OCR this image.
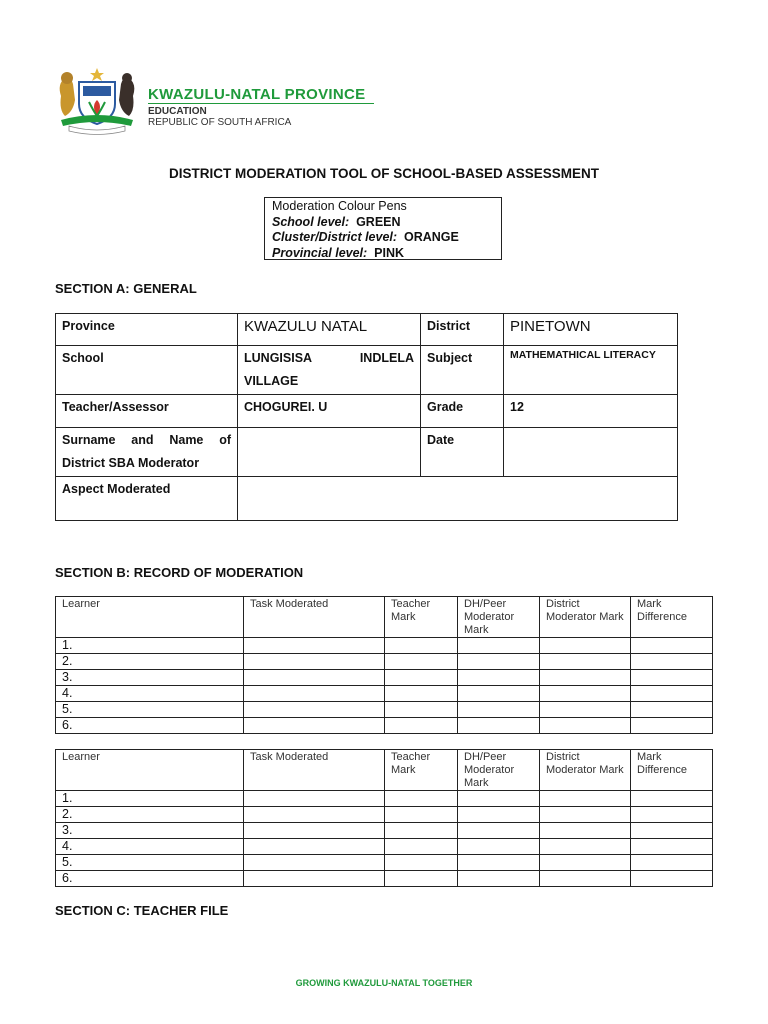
KWAZULU-NATAL PROVINCE
EDUCATION
REPUBLIC OF SOUTH AFRICA
DISTRICT MODERATION TOOL OF SCHOOL-BASED ASSESSMENT
Moderation Colour Pens
School level: GREEN
Cluster/District level: ORANGE
Provincial level: PINK
SECTION A: GENERAL
Province	KWAZULU NATAL	District	PINETOWN
School	LUNGISISA INDLELA VILLAGE	Subject	MATHEMATHICAL LITERACY
Teacher/Assessor	CHOGUREI. U	Grade	12
Surname and Name of District SBA Moderator		Date	
Aspect Moderated			
SECTION B: RECORD OF MODERATION
Learner	Task Moderated	Teacher Mark	DH/Peer Moderator Mark	District Moderator Mark	Mark Difference
1.					
2.					
3.					
4.					
5.					
6.					
Learner	Task Moderated	Teacher Mark	DH/Peer Moderator Mark	District Moderator Mark	Mark Difference
1.					
2.					
3.					
4.					
5.					
6.					
SECTION C: TEACHER FILE
GROWING KWAZULU-NATAL TOGETHER
